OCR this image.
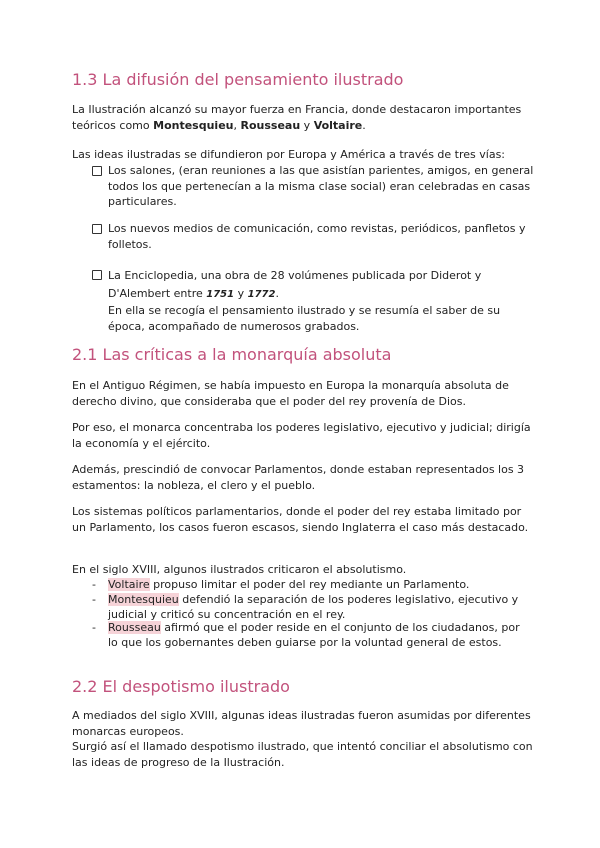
1.3 La difusión del pensamiento ilustrado

La Ilustración alcanzó su mayor fuerza en Francia, donde destacaron importantes teóricos como Montesquieu, Rousseau y Voltaire.

Las ideas ilustradas se difundieron por Europa y América a través de tres vías:

Los salones, (eran reuniones a las que asistían parientes, amigos, en general todos los que pertenecían a la misma clase social) eran celebradas en casas particulares.

Los nuevos medios de comunicación, como revistas, periódicos, panfletos y folletos.

La Enciclopedia, una obra de 28 volúmenes publicada por Diderot y D'Alembert entre 1751 y 1772.

En ella se recogía el pensamiento ilustrado y se resumía el saber de su época, acompañado de numerosos grabados.

2.1 Las críticas a la monarquía absoluta

En el Antiguo Régimen, se había impuesto en Europa la monarquía absoluta de derecho divino, que consideraba que el poder del rey provenía de Dios.

Por eso, el monarca concentraba los poderes legislativo, ejecutivo y judicial; dirigía la economía y el ejército.

Además, prescindió de convocar Parlamentos, donde estaban representados los 3 estamentos: la nobleza, el clero y el pueblo.

Los sistemas políticos parlamentarios, donde el poder del rey estaba limitado por un Parlamento, los casos fueron escasos, siendo Inglaterra el caso más destacado.

En el siglo XVIII, algunos ilustrados criticaron el absolutismo.

- Voltaire propuso limitar el poder del rey mediante un Parlamento.

- Montesquieu defendió la separación de los poderes legislativo, ejecutivo y judicial y criticó su concentración en el rey.

- Rousseau afirmó que el poder reside en el conjunto de los ciudadanos, por lo que los gobernantes deben guiarse por la voluntad general de estos.

2.2 El despotismo ilustrado

A mediados del siglo XVIII, algunas ideas ilustradas fueron asumidas por diferentes monarcas europeos.

Surgió así el llamado despotismo ilustrado, que intentó conciliar el absolutismo con las ideas de progreso de la Ilustración.
